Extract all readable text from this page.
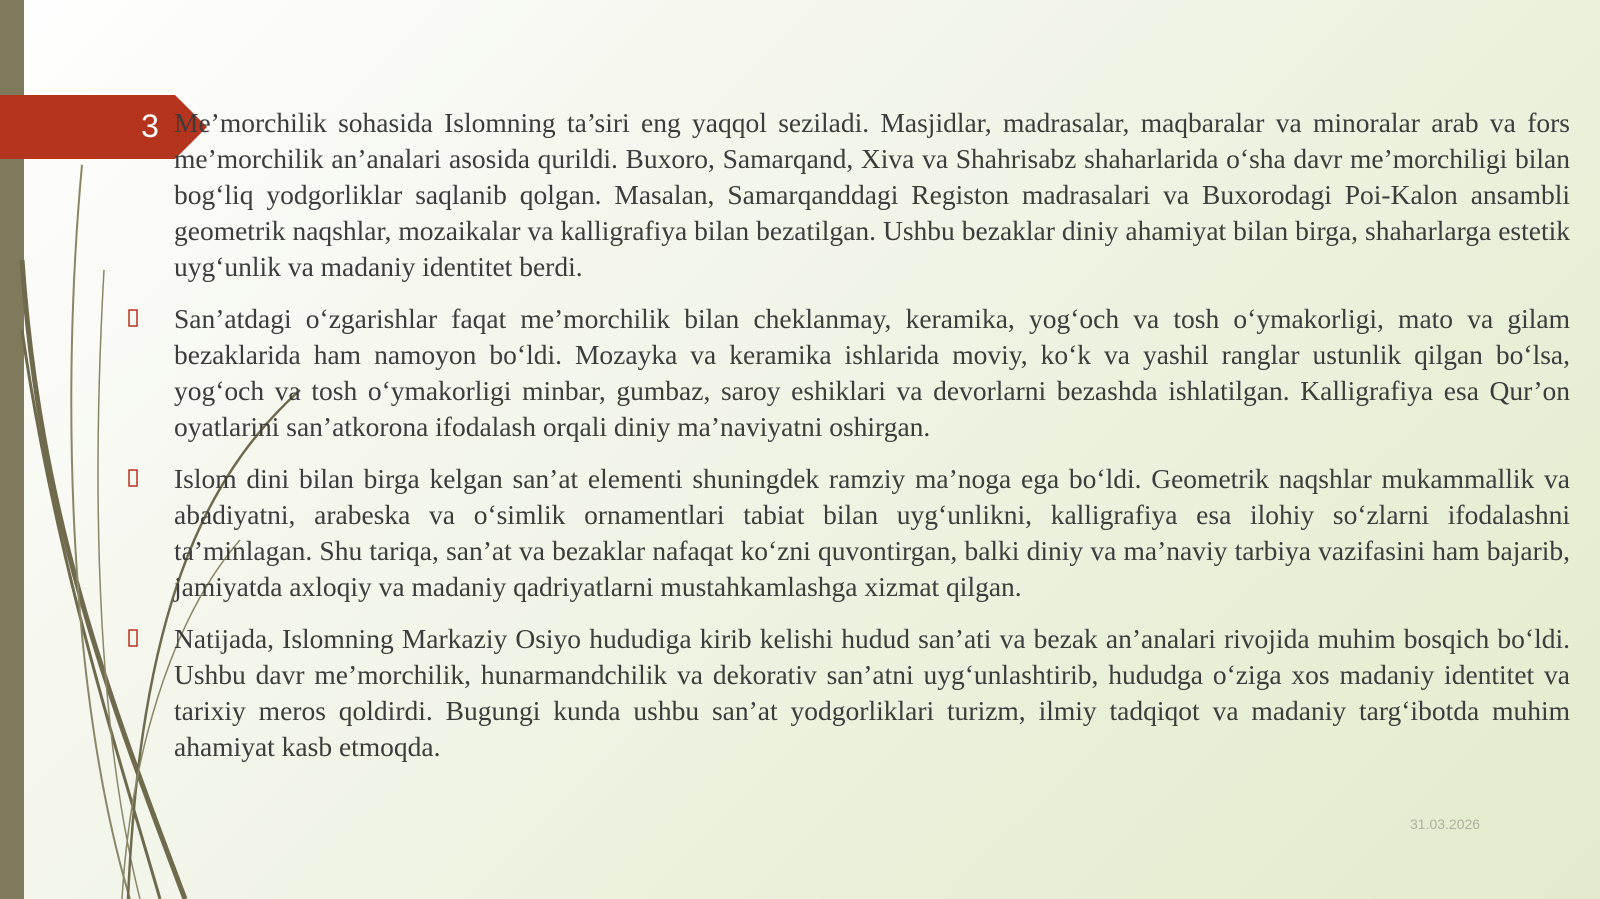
3 Me’morchilik sohasida Islomning ta’siri eng yaqqol seziladi. Masjidlar, madrasalar, maqbaralar va minoralar arab va fors me’morchilik an’analari asosida qurildi. Buxoro, Samarqand, Xiva va Shahrisabz shaharlarida o‘sha davr me’morchiligi bilan bog‘liq yodgorliklar saqlanib qolgan. Masalan, Samarqanddagi Registon madrasalari va Buxorodagi Poi-Kalon ansambli geometrik naqshlar, mozaikalar va kalligrafiya bilan bezatilgan. Ushbu bezaklar diniy ahamiyat bilan birga, shaharlarga estetik uyg‘unlik va madaniy identitet berdi.

San’atdagi o‘zgarishlar faqat me’morchilik bilan cheklanmay, keramika, yog‘och va tosh o‘ymakorligi, mato va gilam bezaklarida ham namoyon bo‘ldi. Mozayka va keramika ishlarida moviy, ko‘k va yashil ranglar ustunlik qilgan bo‘lsa, yog‘och va tosh o‘ymakorligi minbar, gumbaz, saroy eshiklari va devorlarni bezashda ishlatilgan. Kalligrafiya esa Qur’on oyatlarini san’atkorona ifodalash orqali diniy ma’naviyatni oshirgan.

Islom dini bilan birga kelgan san’at elementi shuningdek ramziy ma’noga ega bo‘ldi. Geometrik naqshlar mukammallik va abadiyatni, arabeska va o‘simlik ornamentlari tabiat bilan uyg‘unlikni, kalligrafiya esa ilohiy so‘zlarni ifodalashni ta’minlagan. Shu tariqa, san’at va bezaklar nafaqat ko‘zni quvontirgan, balki diniy va ma’naviy tarbiya vazifasini ham bajarib, jamiyatda axloqiy va madaniy qadriyatlarni mustahkamlashga xizmat qilgan.

Natijada, Islomning Markaziy Osiyo hududiga kirib kelishi hudud san’ati va bezak an’analari rivojida muhim bosqich bo‘ldi. Ushbu davr me’morchilik, hunarmandchilik va dekorativ san’atni uyg‘unlashtirib, hududga o‘ziga xos madaniy identitet va tarixiy meros qoldirdi. Bugungi kunda ushbu san’at yodgorliklari turizm, ilmiy tadqiqot va madaniy targ‘ibotda muhim ahamiyat kasb etmoqda.

31.03.2026
